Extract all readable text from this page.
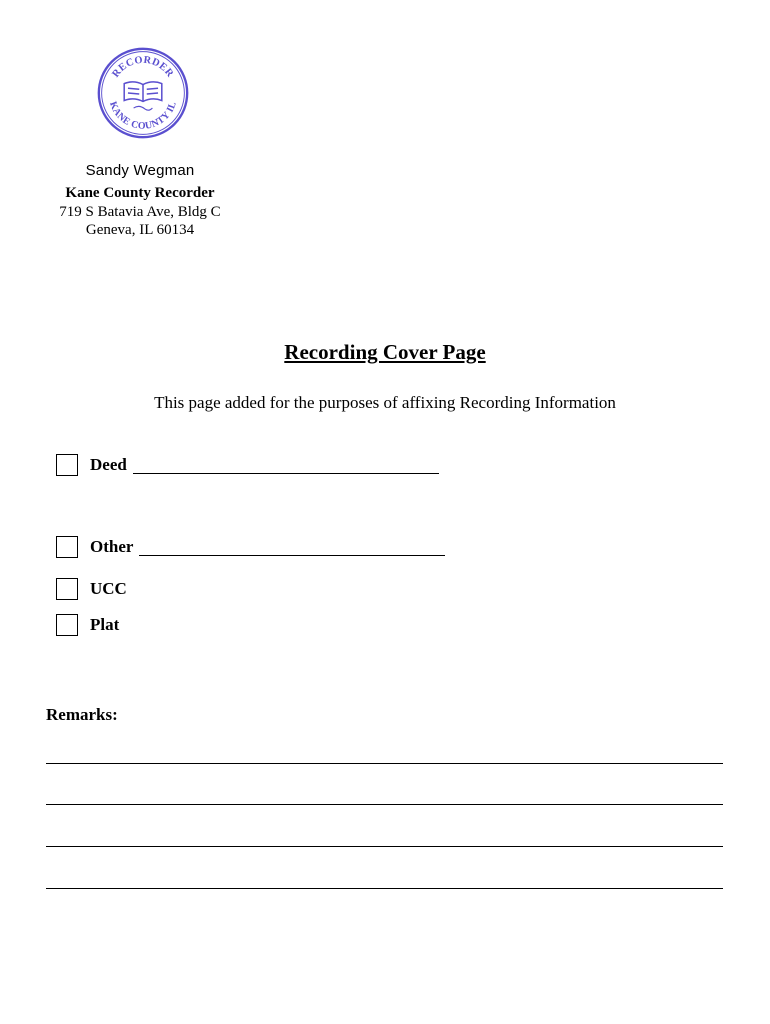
RECORDER
KANE COUNTY IL
Sandy Wegman
Kane County Recorder
719 S Batavia Ave, Bldg C
Geneva, IL 60134
Recording Cover Page
This page added for the purposes of affixing Recording Information
Deed
Other
UCC
Plat
Remarks:
